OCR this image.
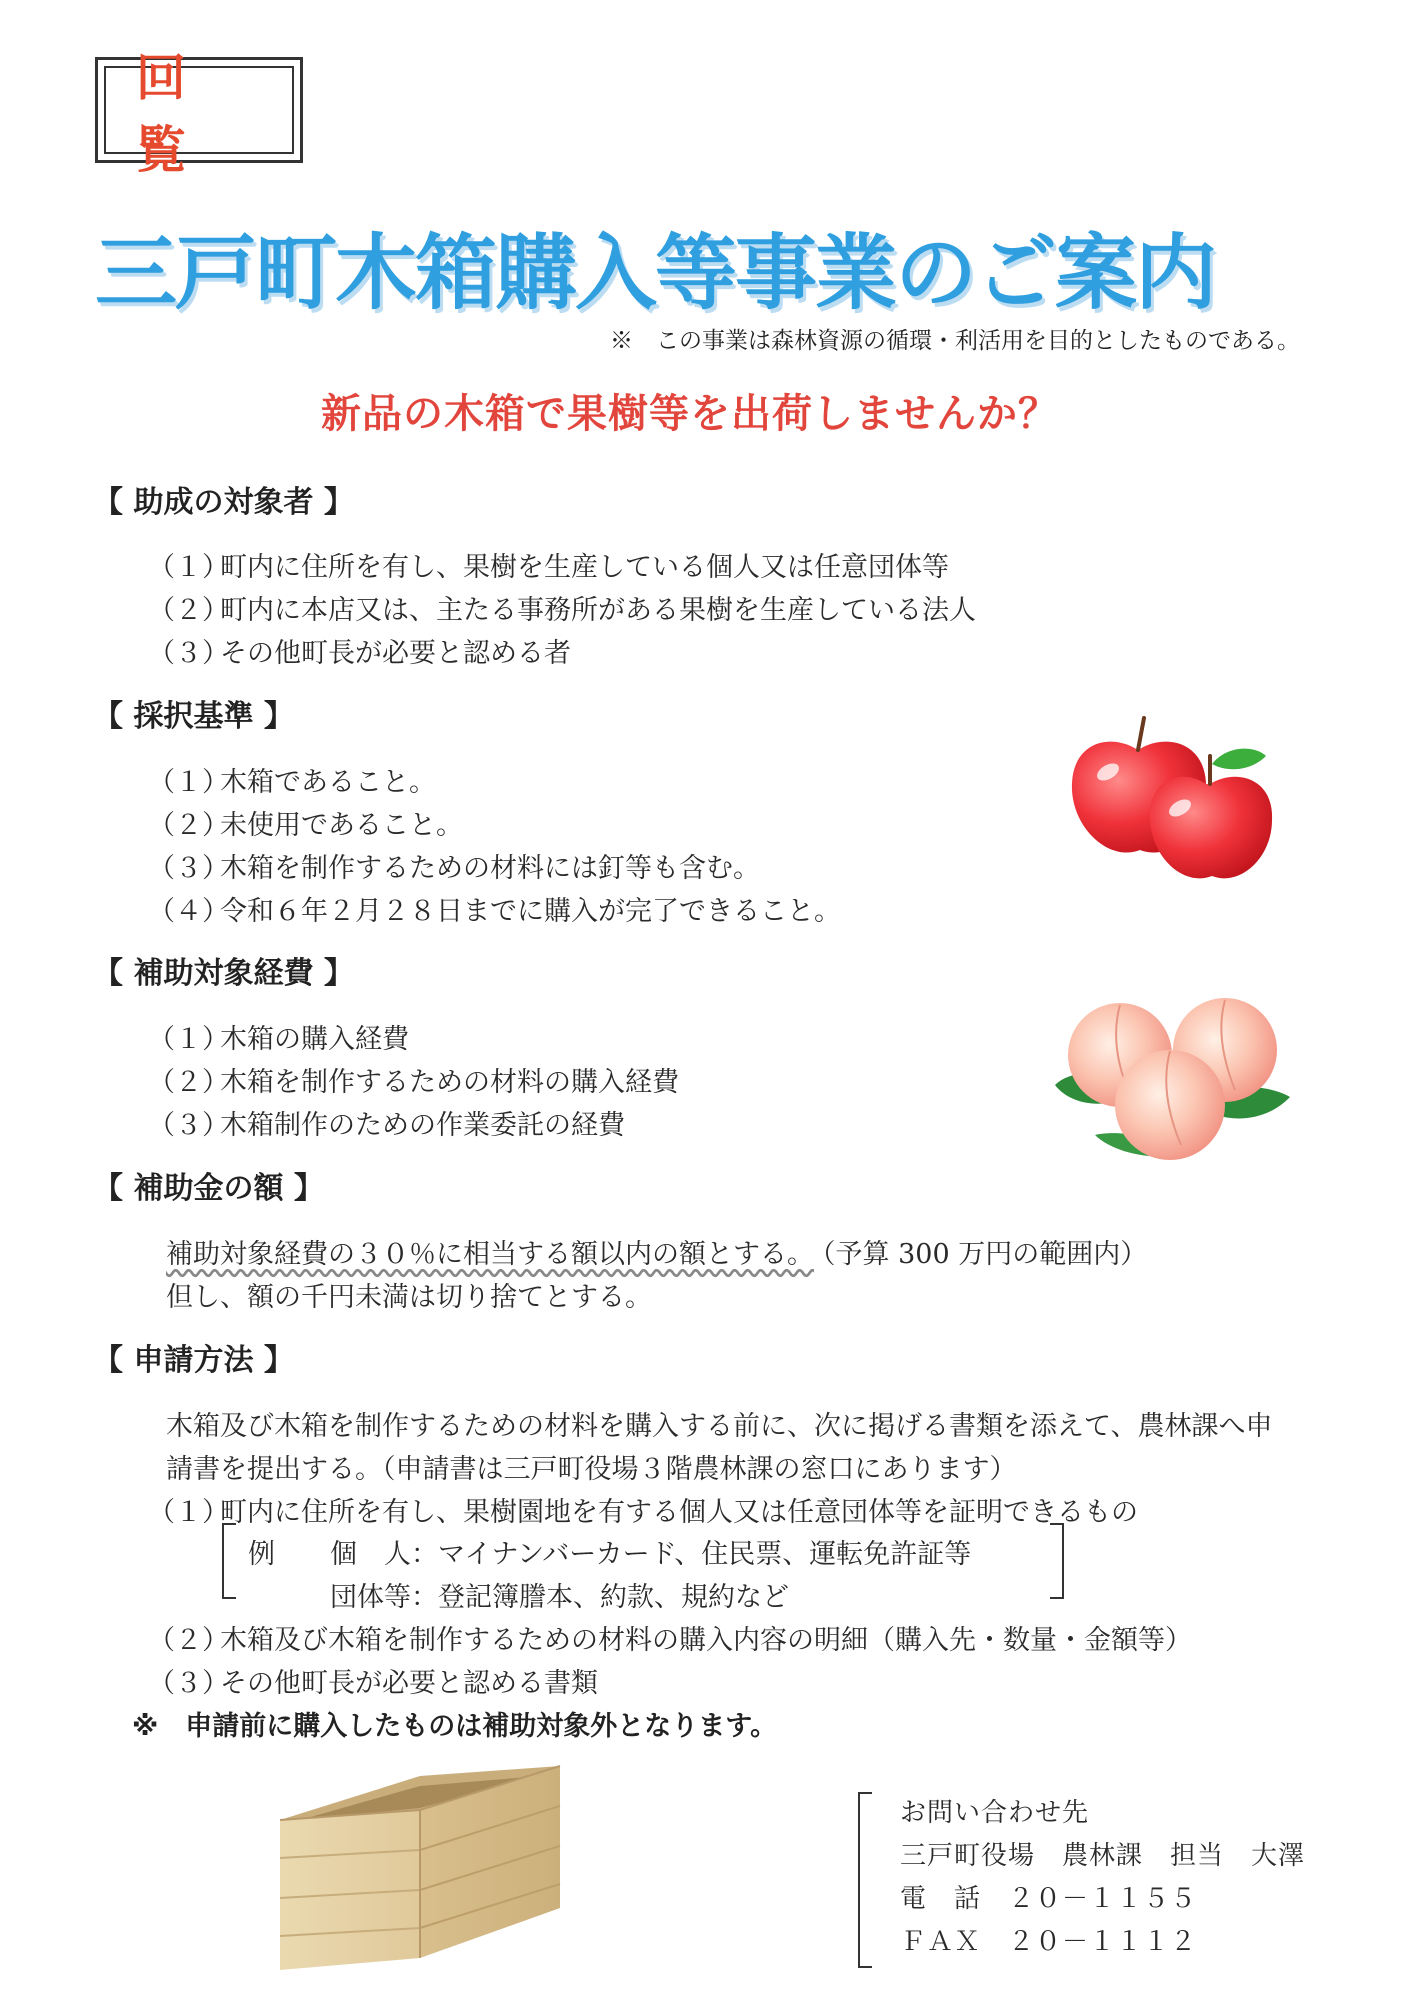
回 覧
三戸町木箱購入等事業のご案内
※　この事業は森林資源の循環・利活用を目的としたものである。
新品の木箱で果樹等を出荷しませんか？
【 助成の対象者 】
（１）町内に住所を有し、果樹を生産している個人又は任意団体等
（２）町内に本店又は、主たる事務所がある果樹を生産している法人
（３）その他町長が必要と認める者
【 採択基準 】
（１）木箱であること。
（２）未使用であること。
（３）木箱を制作するための材料には釘等も含む。
（４）令和６年２月２８日までに購入が完了できること。
【 補助対象経費 】
（１）木箱の購入経費
（２）木箱を制作するための材料の購入経費
（３）木箱制作のための作業委託の経費
【 補助金の額 】
補助対象経費の３０％に相当する額以内の額とする。 （予算 300 万円の範囲内）
但し、額の千円未満は切り捨てとする。
【 申請方法 】
木箱及び木箱を制作するための材料を購入する前に、次に掲げる書類を添えて、農林課へ申
請書を提出する。（申請書は三戸町役場３階農林課の窓口にあります）
（１）町内に住所を有し、果樹園地を有する個人又は任意団体等を証明できるもの
例 個　人：マイナンバーカード、住民票、運転免許証等
団体等：登記簿謄本、約款、規約など
（２）木箱及び木箱を制作するための材料の購入内容の明細（購入先・数量・金額等）
（３）その他町長が必要と認める書類
※　申請前に購入したものは補助対象外となります。
お問い合わせ先
三戸町役場　農林課　担当　大澤
電　話　２０－１１５５
ＦＡＸ　２０－１１１２
